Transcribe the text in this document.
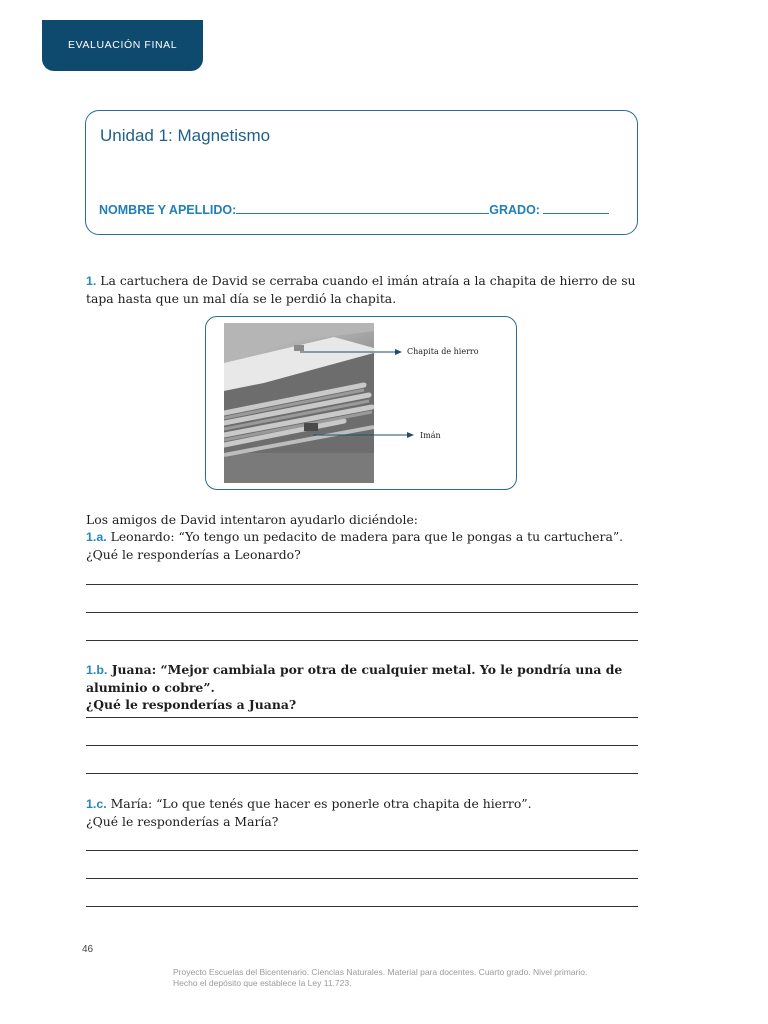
EVALUACIÓN FINAL
Unidad 1: Magnetismo
NOMBRE Y APELLIDO:	GRADO:
1. La cartuchera de David se cerraba cuando el imán atraía a la chapita de hierro de su tapa hasta que un mal día se le perdió la chapita.
Chapita de hierro
Imán
Los amigos de David intentaron ayudarlo diciéndole:
1.a. Leonardo: “Yo tengo un pedacito de madera para que le pongas a tu cartuchera”.
¿Qué le responderías a Leonardo?
1.b. Juana: “Mejor cambiala por otra de cualquier metal. Yo le pondría una de aluminio o cobre”.
¿Qué le responderías a Juana?
1.c. María: “Lo que tenés que hacer es ponerle otra chapita de hierro”.
¿Qué le responderías a María?
46
Proyecto Escuelas del Bicentenario. Ciencias Naturales. Material para docentes. Cuarto grado. Nivel primario.
Hecho el depósito que establece la Ley 11.723.
